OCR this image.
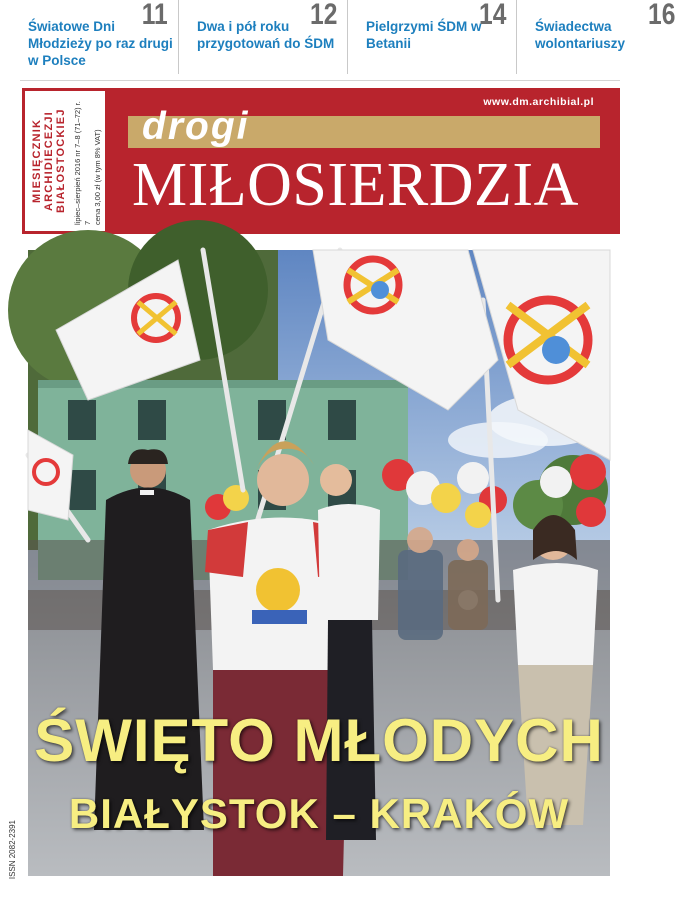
Światowe Dni Młodzieży po raz drugi w Polsce
11 Dwa i pół roku przygotowań do ŚDM
12 Pielgrzymi ŚDM w Betanii
14 Świadectwa wolontariuszy
16
MIESIĘCZNIK ARCHIDIECEZJI BIAŁOSTOCKIEJ lipiec–sierpień 2016 nr 7–8 (71–72) r. 7 cena 3,00 zł (w tym 8% VAT)
www.dm.archibial.pl
drogi
MIŁOSIERDZIA
ŚWIĘTO MŁODYCH
BIAŁYSTOK – KRAKÓW
ISSN 2082-2391
